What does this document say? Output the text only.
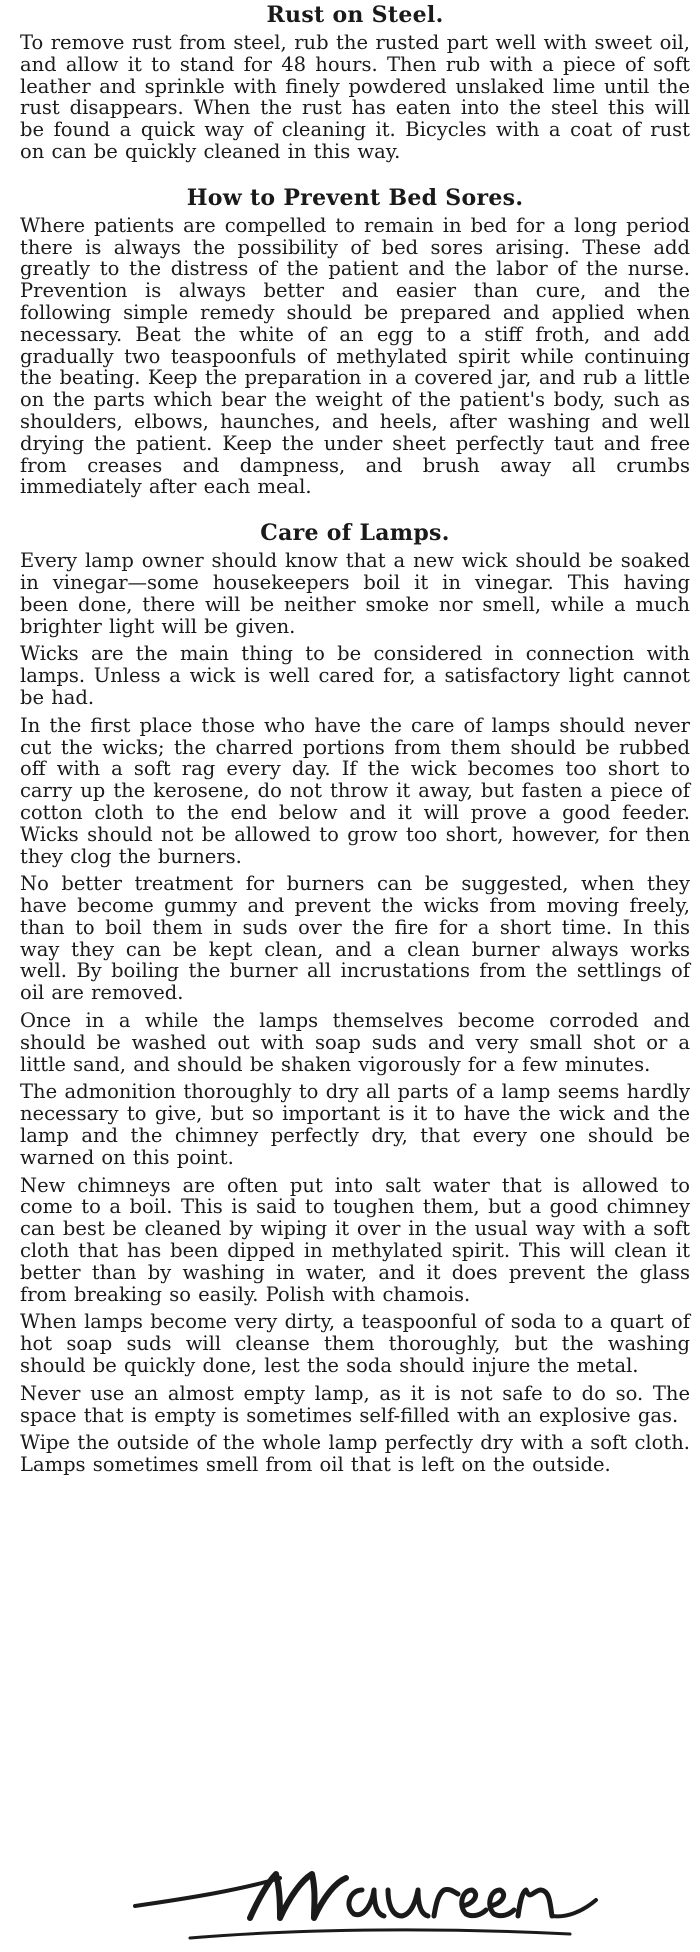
Rust on Steel.

To remove rust from steel, rub the rusted part well with sweet oil, and allow it to stand for 48 hours. Then rub with a piece of soft leather and sprinkle with finely powdered unslaked lime until the rust disappears. When the rust has eaten into the steel this will be found a quick way of cleaning it. Bicycles with a coat of rust on can be quickly cleaned in this way.

How to Prevent Bed Sores.

Where patients are compelled to remain in bed for a long period there is always the possibility of bed sores arising. These add greatly to the distress of the patient and the labor of the nurse. Prevention is always better and easier than cure, and the following simple remedy should be prepared and applied when necessary. Beat the white of an egg to a stiff froth, and add gradually two teaspoonfuls of methylated spirit while continuing the beating. Keep the preparation in a covered jar, and rub a little on the parts which bear the weight of the patient's body, such as shoulders, elbows, haunches, and heels, after washing and well drying the patient. Keep the under sheet perfectly taut and free from creases and dampness, and brush away all crumbs immediately after each meal.

Care of Lamps.

Every lamp owner should know that a new wick should be soaked in vinegar—some housekeepers boil it in vinegar. This having been done, there will be neither smoke nor smell, while a much brighter light will be given.

Wicks are the main thing to be considered in connection with lamps. Unless a wick is well cared for, a satisfactory light cannot be had.

In the first place those who have the care of lamps should never cut the wicks; the charred portions from them should be rubbed off with a soft rag every day. If the wick becomes too short to carry up the kerosene, do not throw it away, but fasten a piece of cotton cloth to the end below and it will prove a good feeder. Wicks should not be allowed to grow too short, however, for then they clog the burners.

No better treatment for burners can be suggested, when they have become gummy and prevent the wicks from moving freely, than to boil them in suds over the fire for a short time. In this way they can be kept clean, and a clean burner always works well. By boiling the burner all incrustations from the settlings of oil are removed.

Once in a while the lamps themselves become corroded and should be washed out with soap suds and very small shot or a little sand, and should be shaken vigorously for a few minutes.

The admonition thoroughly to dry all parts of a lamp seems hardly necessary to give, but so important is it to have the wick and the lamp and the chimney perfectly dry, that every one should be warned on this point.

New chimneys are often put into salt water that is allowed to come to a boil. This is said to toughen them, but a good chimney can best be cleaned by wiping it over in the usual way with a soft cloth that has been dipped in methylated spirit. This will clean it better than by washing in water, and it does prevent the glass from breaking so easily. Polish with chamois.

When lamps become very dirty, a teaspoonful of soda to a quart of hot soap suds will cleanse them thoroughly, but the washing should be quickly done, lest the soda should injure the metal.

Never use an almost empty lamp, as it is not safe to do so. The space that is empty is sometimes self-filled with an explosive gas.

Wipe the outside of the whole lamp perfectly dry with a soft cloth. Lamps sometimes smell from oil that is left on the outside.
